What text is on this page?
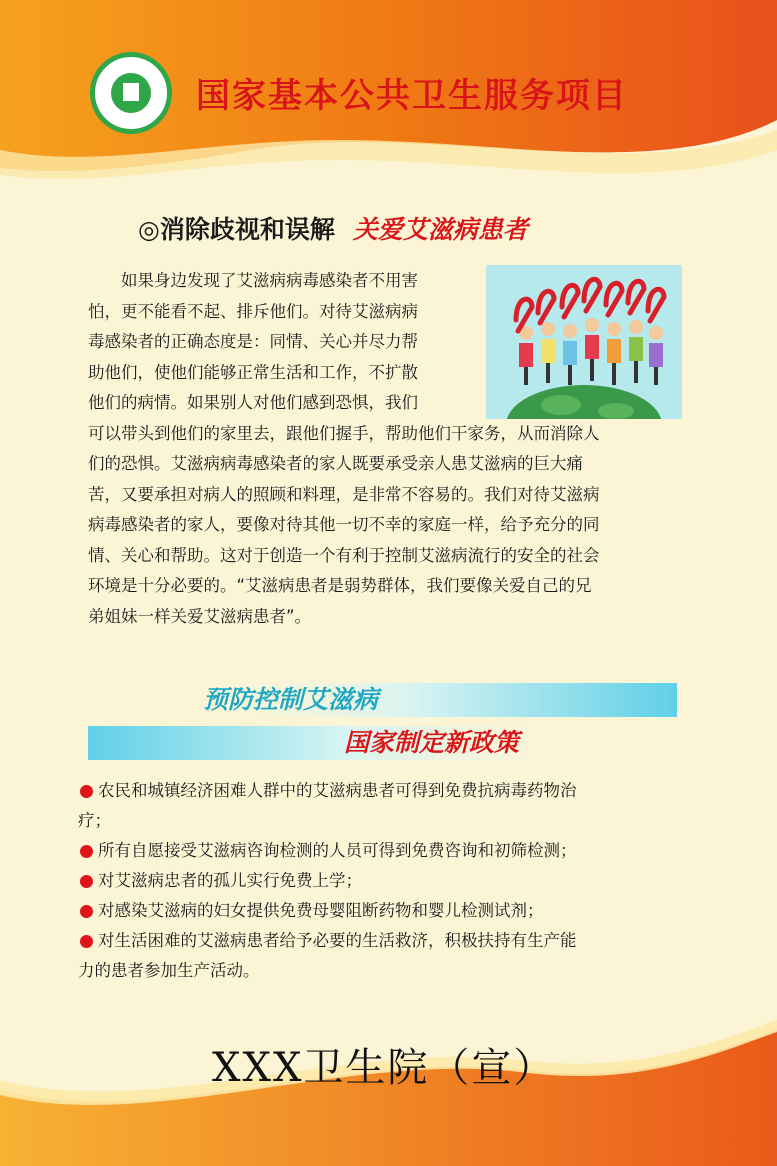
国家基本公共卫生服务项目
◎消除歧视和误解 关爱艾滋病患者
如果身边发现了艾滋病病毒感染者不用害
怕，更不能看不起、排斥他们。对待艾滋病病
毒感染者的正确态度是：同情、关心并尽力帮
助他们，使他们能够正常生活和工作，不扩散
他们的病情。如果别人对他们感到恐惧，我们
可以带头到他们的家里去，跟他们握手，帮助他们干家务，从而消除人
们的恐惧。艾滋病病毒感染者的家人既要承受亲人患艾滋病的巨大痛
苦，又要承担对病人的照顾和料理，是非常不容易的。我们对待艾滋病
病毒感染者的家人，要像对待其他一切不幸的家庭一样，给予充分的同
情、关心和帮助。这对于创造一个有利于控制艾滋病流行的安全的社会
环境是十分必要的。“艾滋病患者是弱势群体，我们要像关爱自己的兄
弟姐妹一样关爱艾滋病患者”。
预防控制艾滋病
国家制定新政策
农民和城镇经济困难人群中的艾滋病患者可得到免费抗病毒药物治
疗；
所有自愿接受艾滋病咨询检测的人员可得到免费咨询和初筛检测；
对艾滋病忠者的孤儿实行免费上学；
对感染艾滋病的妇女提供免费母婴阻断药物和婴儿检测试剂；
对生活困难的艾滋病患者给予必要的生活救济，积极扶持有生产能
力的患者参加生产活动。
XXX卫生院（宣）
